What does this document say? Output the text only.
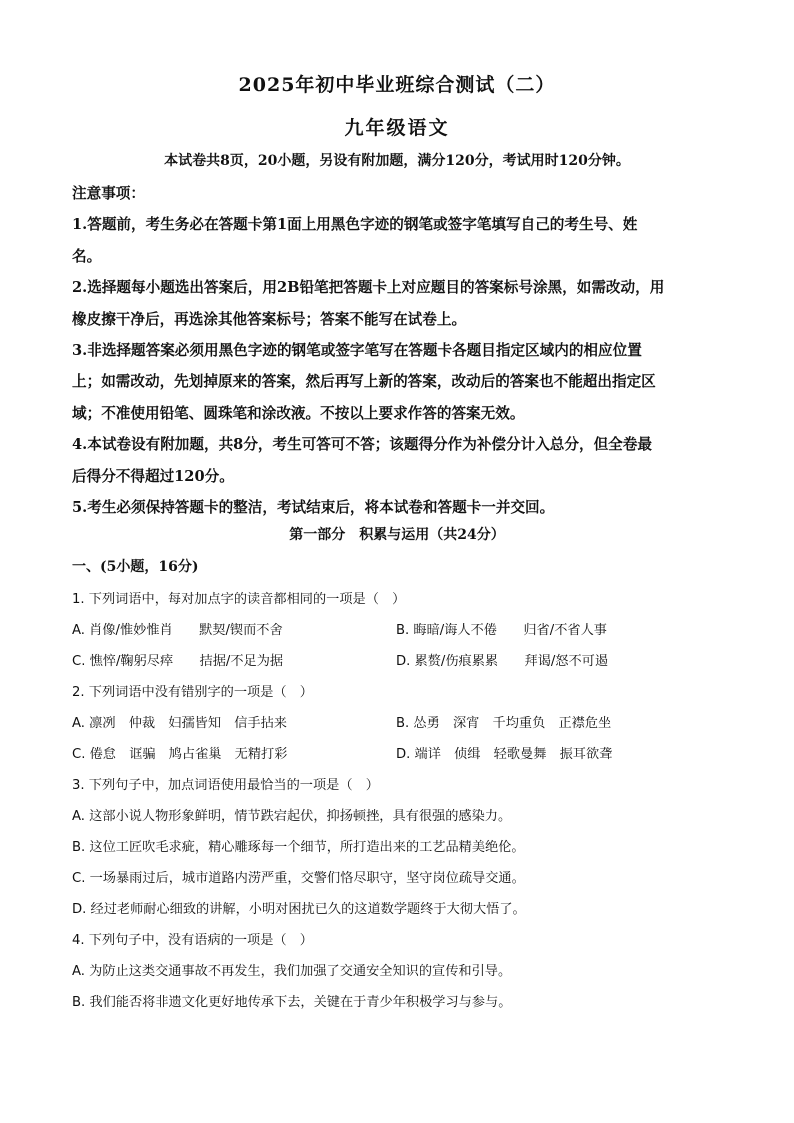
2025年初中毕业班综合测试（二）
九年级语文
本试卷共8页，20小题，另设有附加题，满分120分，考试用时120分钟。

注意事项：

1.答题前，考生务必在答题卡第1面上用黑色字迹的钢笔或签字笔填写自己的考生号、姓

名。

2.选择题每小题选出答案后，用2B铅笔把答题卡上对应题目的答案标号涂黑，如需改动，用

橡皮擦干净后，再选涂其他答案标号；答案不能写在试卷上。

3.非选择题答案必须用黑色字迹的钢笔或签字笔写在答题卡各题目指定区域内的相应位置

上；如需改动，先划掉原来的答案，然后再写上新的答案，改动后的答案也不能超出指定区

域；不准使用铅笔、圆珠笔和涂改液。不按以上要求作答的答案无效。

4.本试卷设有附加题，共8分，考生可答可不答；该题得分作为补偿分计入总分，但全卷最

后得分不得超过120分。

5.考生必须保持答题卡的整洁，考试结束后，将本试卷和答题卡一并交回。

第一部分　积累与运用（共24分）
一、(5小题，16分)
1. 下列词语中，每对加点字的读音都相同的一项是（　）
A. 肖像/惟妙惟肖　　默契/锲而不舍	B. 晦暗/诲人不倦　　归省/不省人事
C. 憔悴/鞠躬尽瘁　　拮据/不足为据	D. 累赘/伤痕累累　　拜谒/怒不可遏
2. 下列词语中没有错别字的一项是（　）
A. 凛冽　仲裁　妇孺皆知　信手拈来	B. 怂勇　深宵　千均重负　正襟危坐
C. 倦怠　诓骗　鸠占雀巢　无精打彩	D. 端详　侦缉　轻歌曼舞　振耳欲聋
3. 下列句子中，加点词语使用最恰当的一项是（　）
A. 这部小说人物形象鲜明，情节跌宕起伏，抑扬顿挫，具有很强的感染力。
B. 这位工匠吹毛求疵，精心雕琢每一个细节，所打造出来的工艺品精美绝伦。
C. 一场暴雨过后，城市道路内涝严重，交警们恪尽职守，坚守岗位疏导交通。
D. 经过老师耐心细致的讲解，小明对困扰已久的这道数学题终于大彻大悟了。
4. 下列句子中，没有语病的一项是（　）
A. 为防止这类交通事故不再发生，我们加强了交通安全知识的宣传和引导。
B. 我们能否将非遗文化更好地传承下去，关键在于青少年积极学习与参与。
